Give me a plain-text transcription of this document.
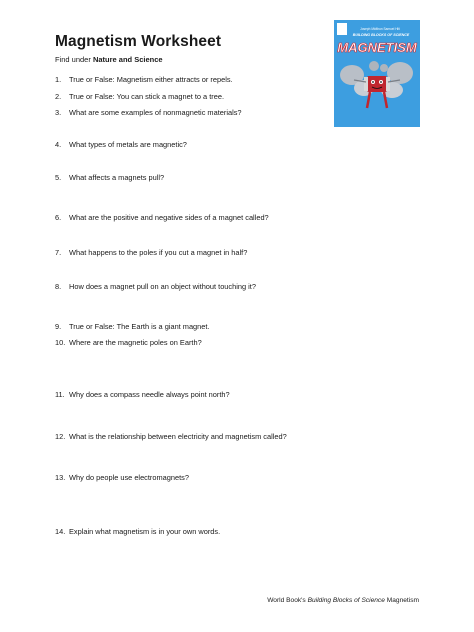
Magnetism Worksheet
Find under Nature and Science
1. True or False: Magnetism either attracts or repels.
2. True or False: You can stick a magnet to a tree.
3. What are some examples of nonmagnetic materials?
4. What types of metals are magnetic?
5. What affects a magnets pull?
6. What are the positive and negative sides of a magnet called?
7. What happens to the poles if you cut a magnet in half?
8. How does a magnet pull on an object without touching it?
9. True or False: The Earth is a giant magnet.
10. Where are the magnetic poles on Earth?
11. Why does a compass needle always point north?
12. What is the relationship between electricity and magnetism called?
13. Why do people use electromagnets?
14. Explain what magnetism is in your own words.
Joseph Midthun Samuel Hiti
BUILDING BLOCKS OF SCIENCE
MAGNETISM
World Book's Building Blocks of Science Magnetism
